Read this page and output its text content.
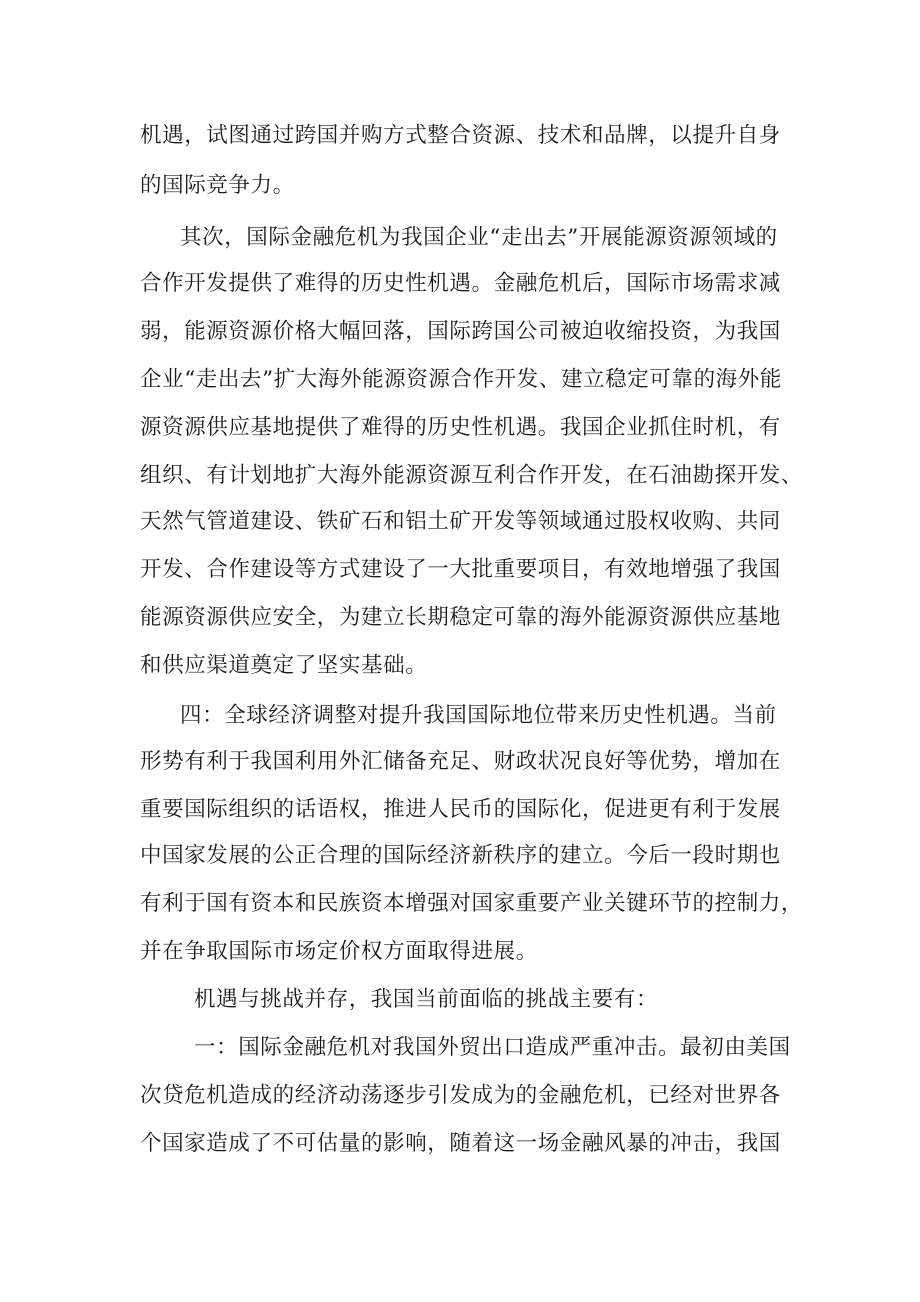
机遇，试图通过跨国并购方式整合资源、技术和品牌，以提升自身
的国际竞争力。
其次，国际金融危机为我国企业“走出去”开展能源资源领域的
合作开发提供了难得的历史性机遇。金融危机后，国际市场需求减
弱，能源资源价格大幅回落，国际跨国公司被迫收缩投资，为我国
企业“走出去”扩大海外能源资源合作开发、建立稳定可靠的海外能
源资源供应基地提供了难得的历史性机遇。我国企业抓住时机，有
组织、有计划地扩大海外能源资源互利合作开发，在石油勘探开发、
天然气管道建设、铁矿石和铝土矿开发等领域通过股权收购、共同
开发、合作建设等方式建设了一大批重要项目，有效地增强了我国
能源资源供应安全，为建立长期稳定可靠的海外能源资源供应基地
和供应渠道奠定了坚实基础。
四：全球经济调整对提升我国国际地位带来历史性机遇。当前
形势有利于我国利用外汇储备充足、财政状况良好等优势，增加在
重要国际组织的话语权，推进人民币的国际化，促进更有利于发展
中国家发展的公正合理的国际经济新秩序的建立。今后一段时期也
有利于国有资本和民族资本增强对国家重要产业关键环节的控制力，
并在争取国际市场定价权方面取得进展。
机遇与挑战并存，我国当前面临的挑战主要有：
一：国际金融危机对我国外贸出口造成严重冲击。最初由美国
次贷危机造成的经济动荡逐步引发成为的金融危机，已经对世界各
个国家造成了不可估量的影响，随着这一场金融风暴的冲击，我国
